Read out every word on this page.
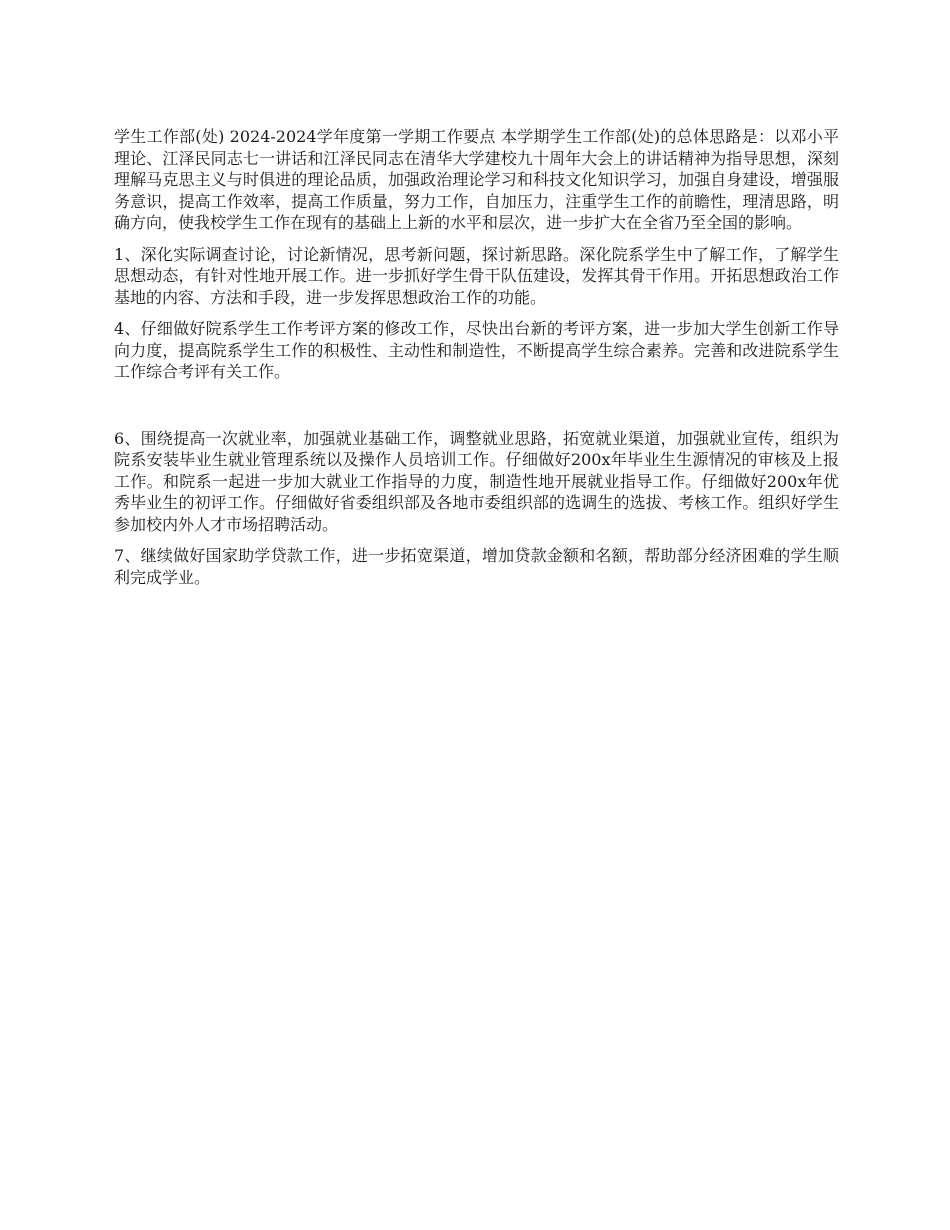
学生工作部(处) 2024-2024学年度第一学期工作要点 本学期学生工作部(处)的总体思路是：以邓小平理论、江泽民同志七一讲话和江泽民同志在清华大学建校九十周年大会上的讲话精神为指导思想，深刻理解马克思主义与时俱进的理论品质，加强政治理论学习和科技文化知识学习，加强自身建设，增强服务意识，提高工作效率，提高工作质量，努力工作，自加压力，注重学生工作的前瞻性，理清思路，明确方向，使我校学生工作在现有的基础上上新的水平和层次，进一步扩大在全省乃至全国的影响。

1、深化实际调查讨论，讨论新情况，思考新问题，探讨新思路。深化院系学生中了解工作，了解学生思想动态，有针对性地开展工作。进一步抓好学生骨干队伍建设，发挥其骨干作用。开拓思想政治工作基地的内容、方法和手段，进一步发挥思想政治工作的功能。

4、仔细做好院系学生工作考评方案的修改工作，尽快出台新的考评方案，进一步加大学生创新工作导向力度，提高院系学生工作的积极性、主动性和制造性，不断提高学生综合素养。完善和改进院系学生工作综合考评有关工作。

6、围绕提高一次就业率，加强就业基础工作，调整就业思路，拓宽就业渠道，加强就业宣传，组织为院系安装毕业生就业管理系统以及操作人员培训工作。仔细做好200x年毕业生生源情况的审核及上报工作。和院系一起进一步加大就业工作指导的力度，制造性地开展就业指导工作。仔细做好200x年优秀毕业生的初评工作。仔细做好省委组织部及各地市委组织部的选调生的选拔、考核工作。组织好学生参加校内外人才市场招聘活动。

7、继续做好国家助学贷款工作，进一步拓宽渠道，增加贷款金额和名额，帮助部分经济困难的学生顺利完成学业。
